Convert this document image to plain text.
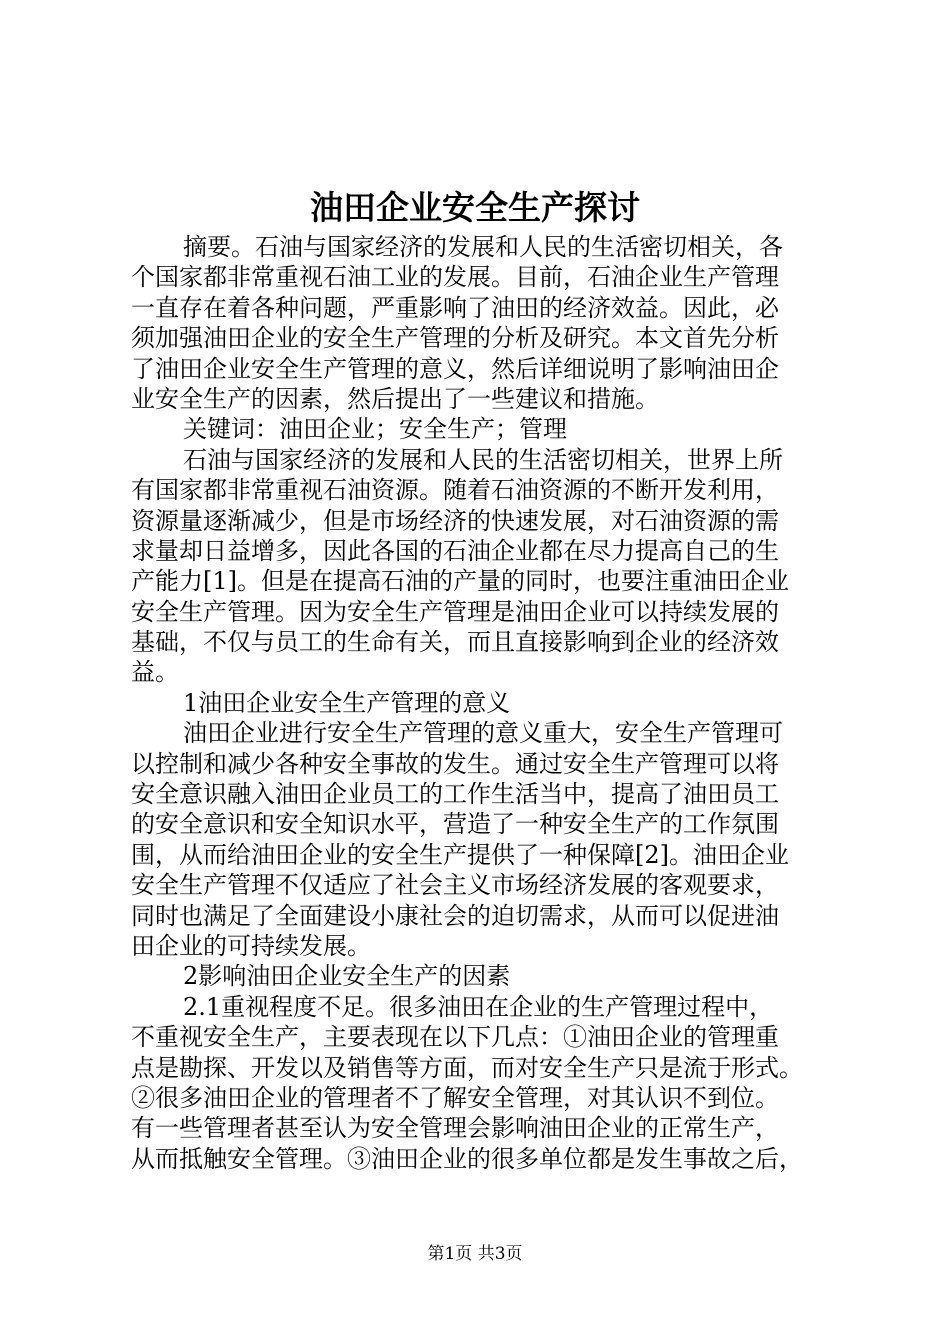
油田企业安全生产探讨
摘要。石油与国家经济的发展和人民的生活密切相关，各
个国家都非常重视石油工业的发展。目前，石油企业生产管理
一直存在着各种问题，严重影响了油田的经济效益。因此，必
须加强油田企业的安全生产管理的分析及研究。本文首先分析
了油田企业安全生产管理的意义，然后详细说明了影响油田企
业安全生产的因素，然后提出了一些建议和措施。
关键词：油田企业；安全生产；管理
石油与国家经济的发展和人民的生活密切相关，世界上所
有国家都非常重视石油资源。随着石油资源的不断开发利用，
资源量逐渐减少，但是市场经济的快速发展，对石油资源的需
求量却日益增多，因此各国的石油企业都在尽力提高自己的生
产能力[1]。但是在提高石油的产量的同时，也要注重油田企业
安全生产管理。因为安全生产管理是油田企业可以持续发展的
基础，不仅与员工的生命有关，而且直接影响到企业的经济效
益。
1油田企业安全生产管理的意义
油田企业进行安全生产管理的意义重大，安全生产管理可
以控制和减少各种安全事故的发生。通过安全生产管理可以将
安全意识融入油田企业员工的工作生活当中，提高了油田员工
的安全意识和安全知识水平，营造了一种安全生产的工作氛围
围，从而给油田企业的安全生产提供了一种保障[2]。油田企业
安全生产管理不仅适应了社会主义市场经济发展的客观要求，
同时也满足了全面建设小康社会的迫切需求，从而可以促进油
田企业的可持续发展。
2影响油田企业安全生产的因素
2.1重视程度不足。很多油田在企业的生产管理过程中，
不重视安全生产，主要表现在以下几点：①油田企业的管理重
点是勘探、开发以及销售等方面，而对安全生产只是流于形式。
②很多油田企业的管理者不了解安全管理，对其认识不到位。
有一些管理者甚至认为安全管理会影响油田企业的正常生产，
从而抵触安全管理。③油田企业的很多单位都是发生事故之后，
第1页 共3页
